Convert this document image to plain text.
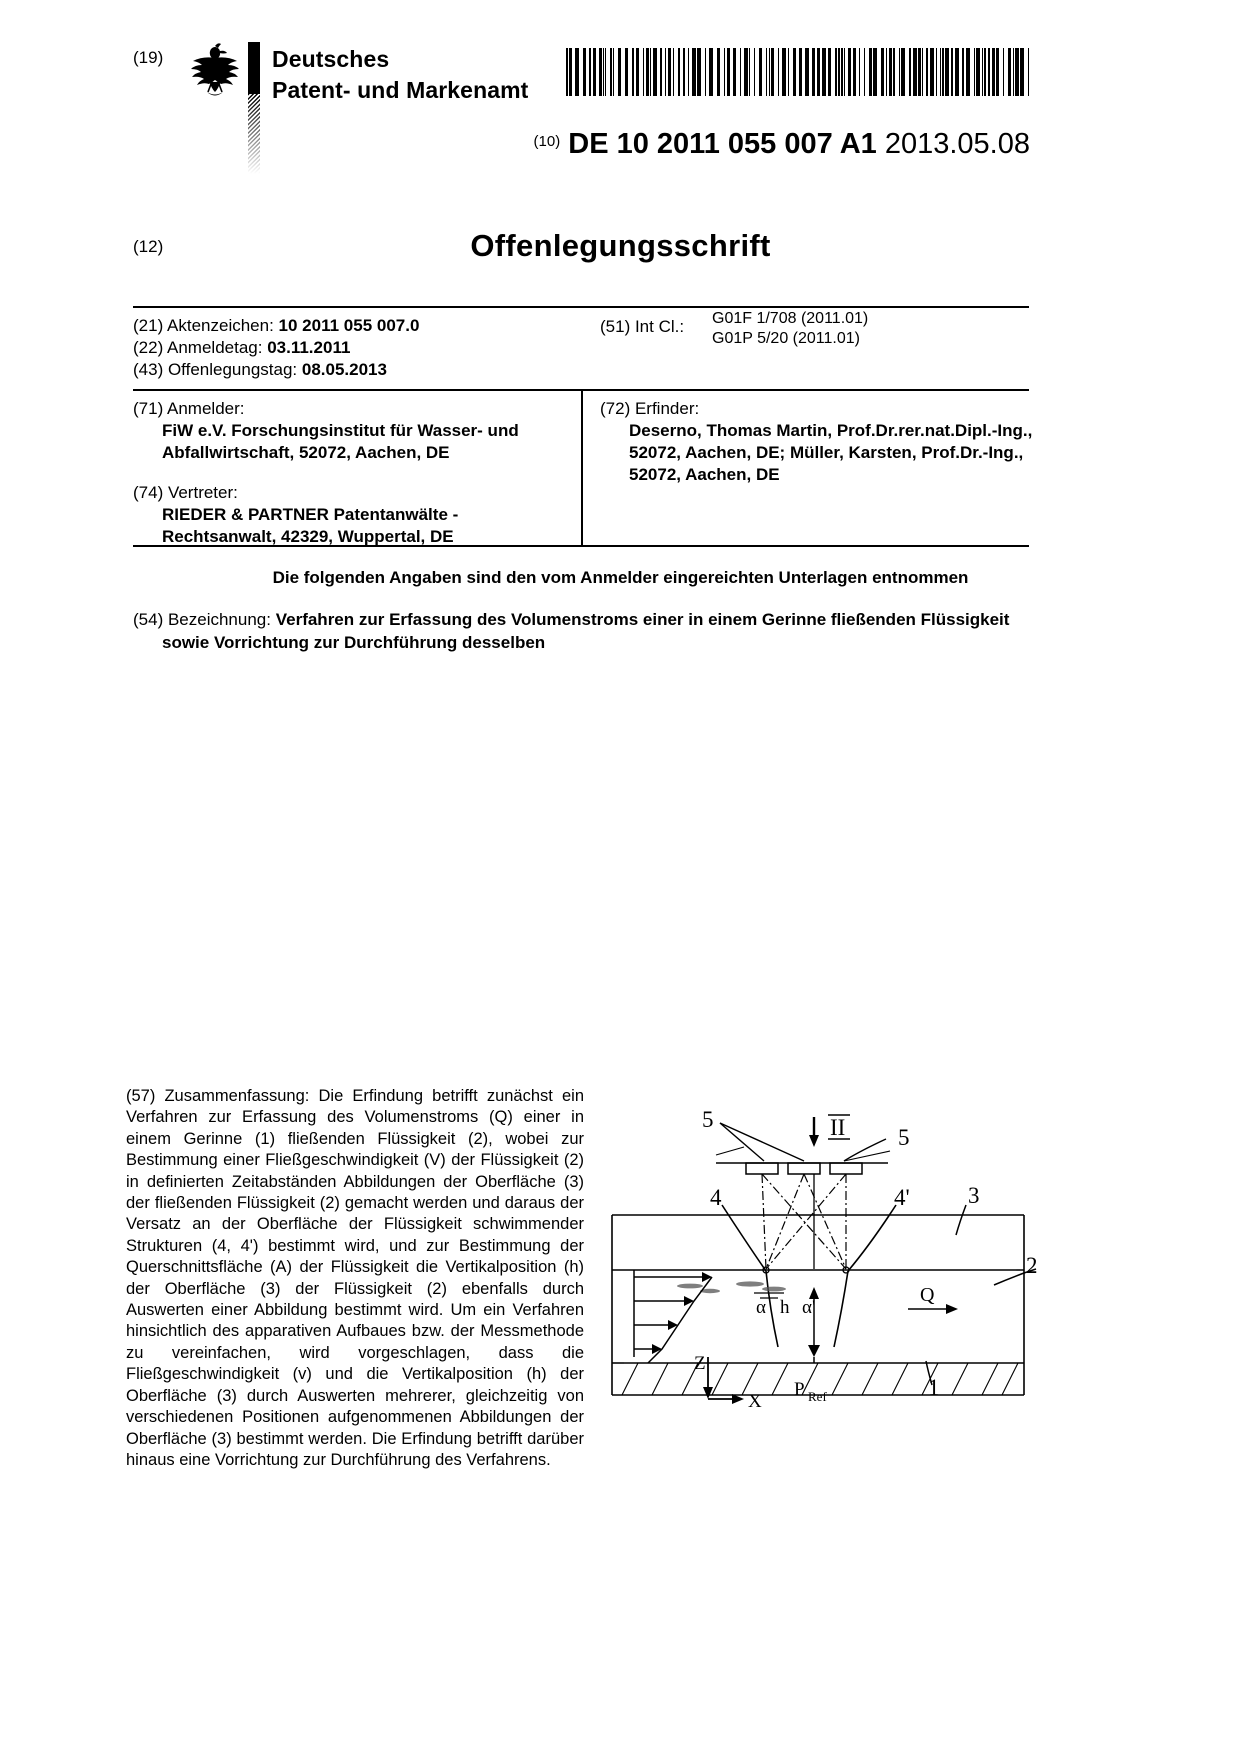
(19)	Deutsches
Patent- und Markenamt
$^{(10)}$ DE 10 2011 055 007 A1 2013.05.08
(12)	Offenlegungsschrift
(21) Aktenzeichen: 10 2011 055 007.0
(22) Anmeldetag: 03.11.2011
(43) Offenlegungstag: 08.05.2013
(51) Int Cl.: G01F 1/708 (2011.01)
G01P 5/20 (2011.01)
(71) Anmelder:
FiW e.V. Forschungsinstitut für Wasser- und
Abfallwirtschaft, 52072, Aachen, DE
(74) Vertreter:
RIEDER & PARTNER Patentanwälte -
Rechtsanwalt, 42329, Wuppertal, DE
(72) Erfinder:
Deserno, Thomas Martin, Prof.Dr.rer.nat.Dipl.-Ing.,
52072, Aachen, DE; Müller, Karsten, Prof.Dr.-Ing.,
52072, Aachen, DE
Die folgenden Angaben sind den vom Anmelder eingereichten Unterlagen entnommen
(54) Bezeichnung: Verfahren zur Erfassung des Volumenstroms einer in einem Gerinne fließenden Flüssigkeit
sowie Vorrichtung zur Durchführung desselben
(57) Zusammenfassung: Die Erfindung betrifft zunächst ein Verfahren zur Erfassung des Volumenstroms (Q) einer in einem Gerinne (1) fließenden Flüssigkeit (2), wobei zur Bestimmung einer Fließgeschwindigkeit (V) der Flüssigkeit (2) in definierten Zeitabständen Abbildungen der Oberfläche (3) der fließenden Flüssigkeit (2) gemacht werden und daraus der Versatz an der Oberfläche der Flüssigkeit schwimmender Strukturen (4, 4') bestimmt wird, und zur Bestimmung der Querschnittsfläche (A) der Flüssigkeit die Vertikalposition (h) der Oberfläche (3) der Flüssigkeit (2) ebenfalls durch Auswerten einer Abbildung bestimmt wird. Um ein Verfahren hinsichtlich des apparativen Aufbaues bzw. der Messmethode zu vereinfachen, wird vorgeschlagen, dass die Fließgeschwindigkeit (v) und die Vertikalposition (h) der Oberfläche (3) durch Auswerten mehrerer, gleichzeitig von verschiedenen Positionen aufgenommenen Abbildungen der Oberfläche (3) bestimmt werden. Die Erfindung betrifft darüber hinaus eine Vorrichtung zur Durchführung des Verfahrens.
5
5
II
4	4'	3
2
1
α h α'
Q
Z
X
P Ref
